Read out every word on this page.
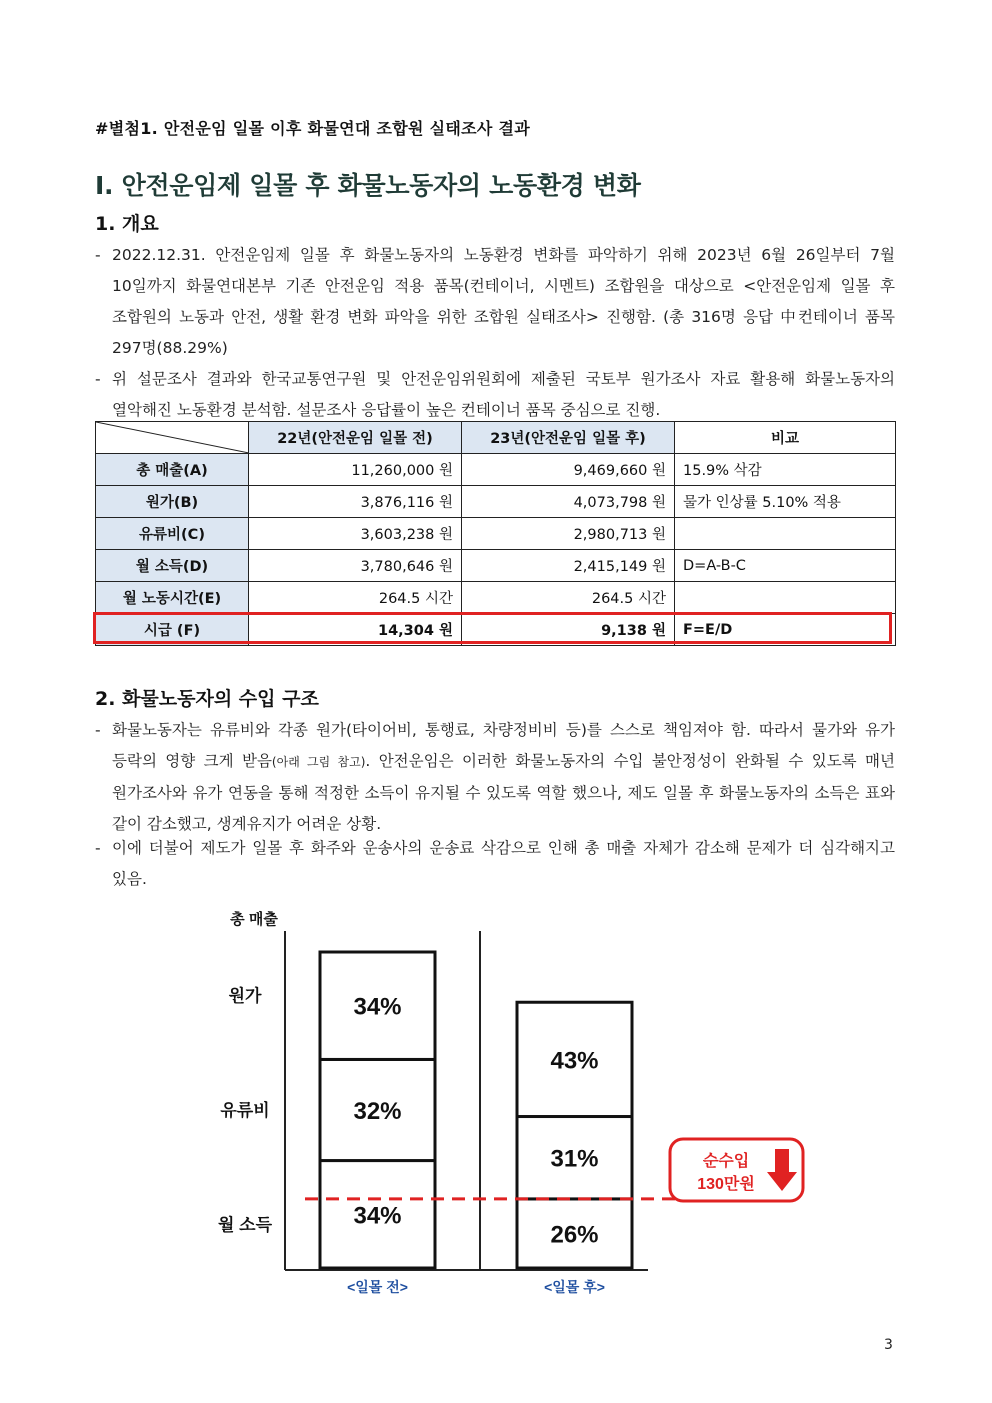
#별첨1. 안전운임 일몰 이후 화물연대 조합원 실태조사 결과
Ⅰ. 안전운임제 일몰 후 화물노동자의 노동환경 변화
1. 개요
- 2022.12.31. 안전운임제 일몰 후 화물노동자의 노동환경 변화를 파악하기 위해 2023년 6월 26일부터 7월 10일까지 화물연대본부 기존 안전운임 적용 품목(컨테이너, 시멘트) 조합원을 대상으로 <안전운임제 일몰 후 조합원의 노동과 안전, 생활 환경 변화 파악을 위한 조합원 실태조사> 진행함. (총 316명 응답 中컨테이너 품목 297명(88.29%)
- 위 설문조사 결과와 한국교통연구원 및 안전운임위원회에 제출된 국토부 원가조사 자료 활용해 화물노동자의 열악해진 노동환경 분석함. 설문조사 응답률이 높은 컨테이너 품목 중심으로 진행.
	22년(안전운임 일몰 전)	23년(안전운임 일몰 후)	비교
총 매출(A)	11,260,000 원	9,469,660 원	15.9% 삭감
원가(B)	3,876,116 원	4,073,798 원	물가 인상률 5.10% 적용
유류비(C)	3,603,238 원	2,980,713 원	
월 소득(D)	3,780,646 원	2,415,149 원	D=A-B-C
월 노동시간(E)	264.5 시간	264.5 시간	
시급 (F)	14,304 원	9,138 원	F=E/D
2. 화물노동자의 수입 구조
- 화물노동자는 유류비와 각종 원가(타이어비, 통행료, 차량정비비 등)를 스스로 책임져야 함. 따라서 물가와 유가 등락의 영향 크게 받음(아래 그림 참고). 안전운임은 이러한 화물노동자의 수입 불안정성이 완화될 수 있도록 매년 원가조사와 유가 연동을 통해 적정한 소득이 유지될 수 있도록 역할 했으나, 제도 일몰 후 화물노동자의 소득은 표와 같이 감소했고, 생계유지가 어려운 상황.
- 이에 더불어 제도가 일몰 후 화주와 운송사의 운송료 삭감으로 인해 총 매출 자체가 감소해 문제가 더 심각해지고 있음.
총 매출
34%
32%
34%
<일몰 전>
26%
31%
43%
<일몰 후>
원가
유류비
월 소득
순수입
130만원
3
